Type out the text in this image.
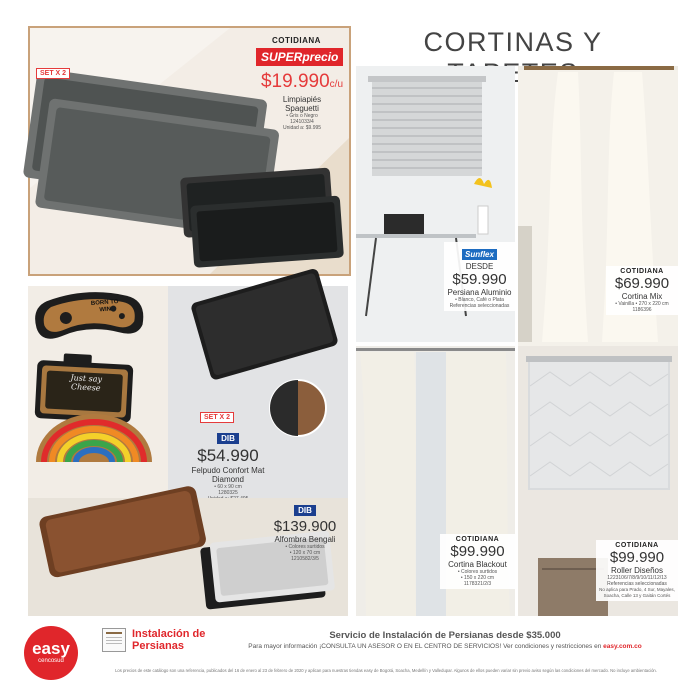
CORTINAS Y
SET X 2
COTIDIANA
SUPERprecio
$19.990c/u
Limpiapiés Spaguetti
• Gris o Negro
1241033/4
Unidad a: $9.995
BORN TO WIN
Just say Cheese
SET X 2
DIB
$54.990
Felpudo Confort Mat Diamond
• 60 x 90 cm
1280325
DIB
$139.900
Alfombra Bengali
• Colores surtidos
• 120 x 70 cm
1210582/3/5
Sunflex
DESDE
$59.990
Persiana Aluminio
• Blanco, Café o Plata
Referencias seleccionadas
COTIDIANA
$69.990
Cortina Mix
• Vainilla • 270 x 220 cm
1186396
COTIDIANA
$99.990
Cortina Blackout
• Colores surtidos
• 150 x 220 cm
1178321/2/3
COTIDIANA
$99.990
Roller Diseños
1223106/7/8/9/10/11/12/13
Referencias seleccionadas
No aplica para Prado, 4 Sur, Mayales,
Soacha, Calle 13 y Gaitán Cortés
easy
cencosud
Instalación de Persianas
Servicio de Instalación de Persianas desde $35.000
Para mayor información ¡CONSULTA UN ASESOR O EN EL CENTRO DE SERVICIOS! Ver condiciones y restricciones en easy.com.co
Los precios de este catálogo son una referencia, publicados del 16 de enero al 23 de febrero de 2020 y aplican para nuestras tiendas easy de Bogotá, Soacha, Medellín y Valledupar. Algunos de ellos pueden variar sin previo aviso según las condiciones del mercado. No incluye ambientación.
